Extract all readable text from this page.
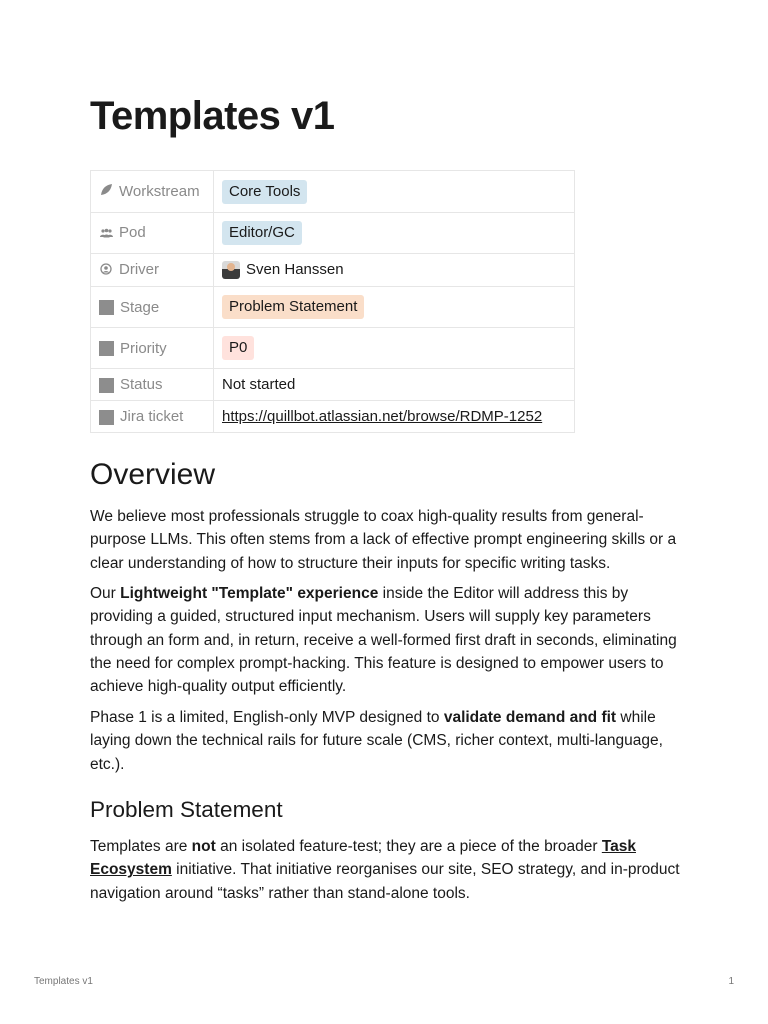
Templates v1
Workstream	Core Tools
Pod	Editor/GC
Driver	Sven Hanssen
Stage	Problem Statement
Priority	P0
Status	Not started
Jira ticket	https://quillbot.atlassian.net/browse/RDMP-1252
Overview

We believe most professionals struggle to coax high-quality results from general-purpose LLMs. This often stems from a lack of effective prompt engineering skills or a clear understanding of how to structure their inputs for specific writing tasks.

Our Lightweight "Template" experience inside the Editor will address this by providing a guided, structured input mechanism. Users will supply key parameters through an form and, in return, receive a well-formed first draft in seconds, eliminating the need for complex prompt-hacking. This feature is designed to empower users to achieve high-quality output efficiently.

Phase 1 is a limited, English-only MVP designed to validate demand and fit while laying down the technical rails for future scale (CMS, richer context, multi-language, etc.).

Problem Statement

Templates are not an isolated feature-test; they are a piece of the broader Task Ecosystem initiative. That initiative reorganises our site, SEO strategy, and in-product navigation around “tasks” rather than stand-alone tools.

Templates v1	1
